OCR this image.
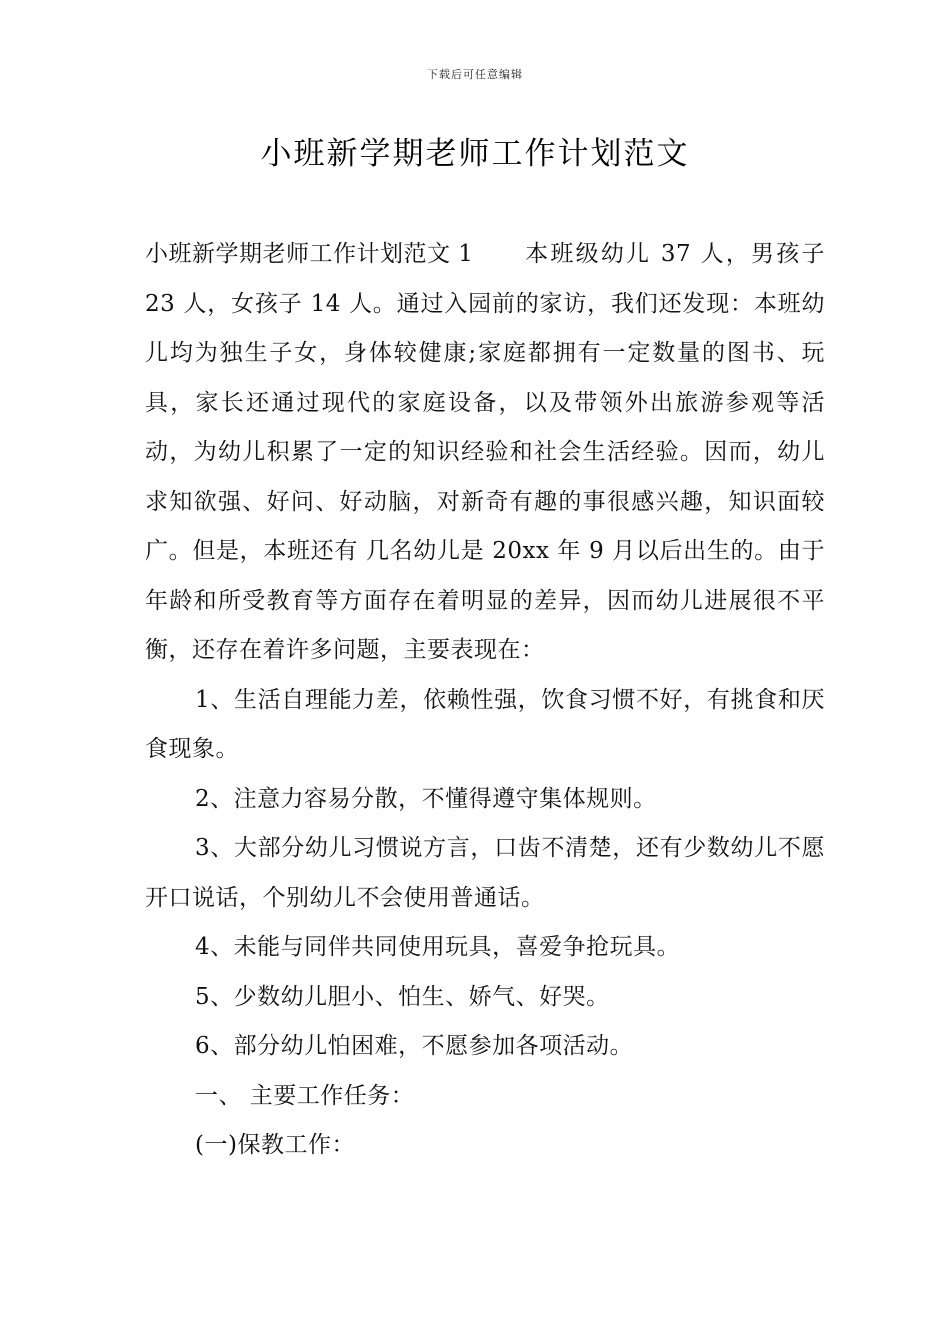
下载后可任意编辑
小班新学期老师工作计划范文

小班新学期老师工作计划范文 1 本班级幼儿 37 人，男孩子 23 人，女孩子 14 人。通过入园前的家访，我们还发现：本班幼儿均为独生子女，身体较健康;家庭都拥有一定数量的图书、玩具，家长还通过现代的家庭设备，以及带领外出旅游参观等活动，为幼儿积累了一定的知识经验和社会生活经验。因而，幼儿求知欲强、好问、好动脑，对新奇有趣的事很感兴趣，知识面较广。但是，本班还有 几名幼儿是 20xx 年 9 月以后出生的。由于年龄和所受教育等方面存在着明显的差异，因而幼儿进展很不平衡，还存在着许多问题，主要表现在：

1、生活自理能力差，依赖性强，饮食习惯不好，有挑食和厌食现象。

2、注意力容易分散，不懂得遵守集体规则。

3、大部分幼儿习惯说方言，口齿不清楚，还有少数幼儿不愿开口说话，个别幼儿不会使用普通话。

4、未能与同伴共同使用玩具，喜爱争抢玩具。

5、少数幼儿胆小、怕生、娇气、好哭。

6、部分幼儿怕困难，不愿参加各项活动。

一、 主要工作任务：

(一)保教工作：
